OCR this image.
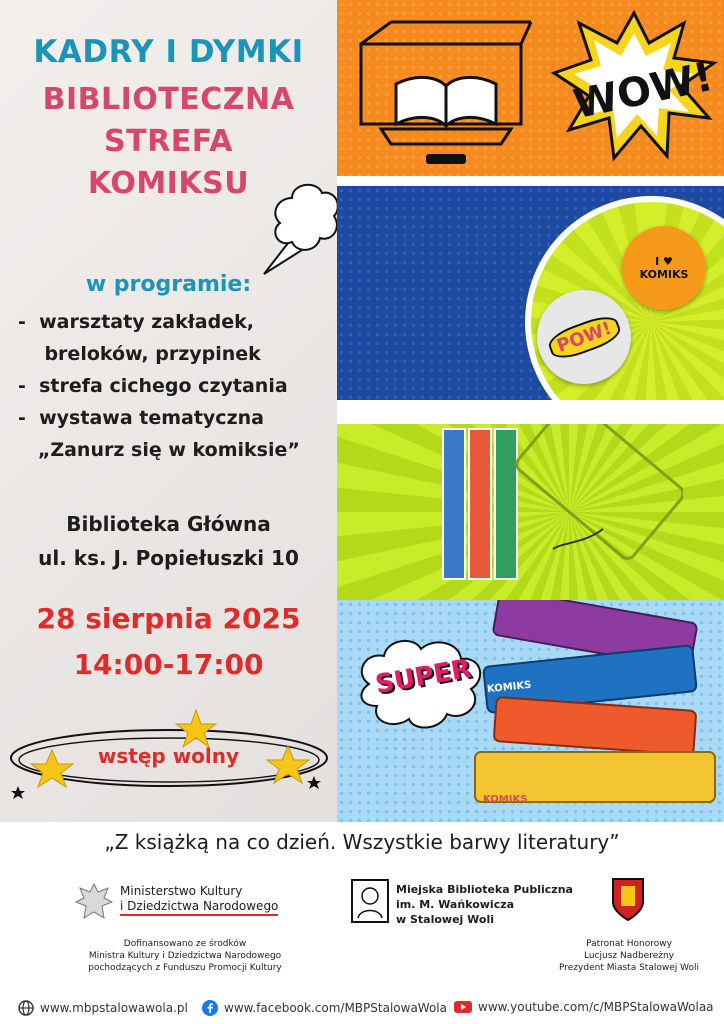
KADRY I DYMKI
BIBLIOTECZNA
STREFA
KOMIKSU
w programie:
-  warsztaty zakładek,
breloków, przypinek
-  strefa cichego czytania
-  wystawa tematyczna
„Zanurz się w komiksie”
Biblioteka Główna
ul. ks. J. Popiełuszki 10
28 sierpnia 2025
14:00-17:00
wstęp wolny
WOW!
I ♥ KOMIKS
POW!
SUPER KOMIKS
KOMIKS
„Z książką na co dzień. Wszystkie barwy literatury”
Ministerstwo Kultury
i Dziedzictwa Narodowego
Dofinansowano ze środków
Ministra Kultury i Dziedzictwa Narodowego
pochodzących z Funduszu Promocji Kultury
Miejska Biblioteka Publiczna
im. M. Wańkowicza
w Stalowej Woli
Patronat Honorowy
Lucjusz Nadbereżny
Prezydent Miasta Stalowej Woli
www.mbpstalowawola.pl	www.facebook.com/MBPStalowaWola	www.youtube.com/c/MBPStalowaWolaa
